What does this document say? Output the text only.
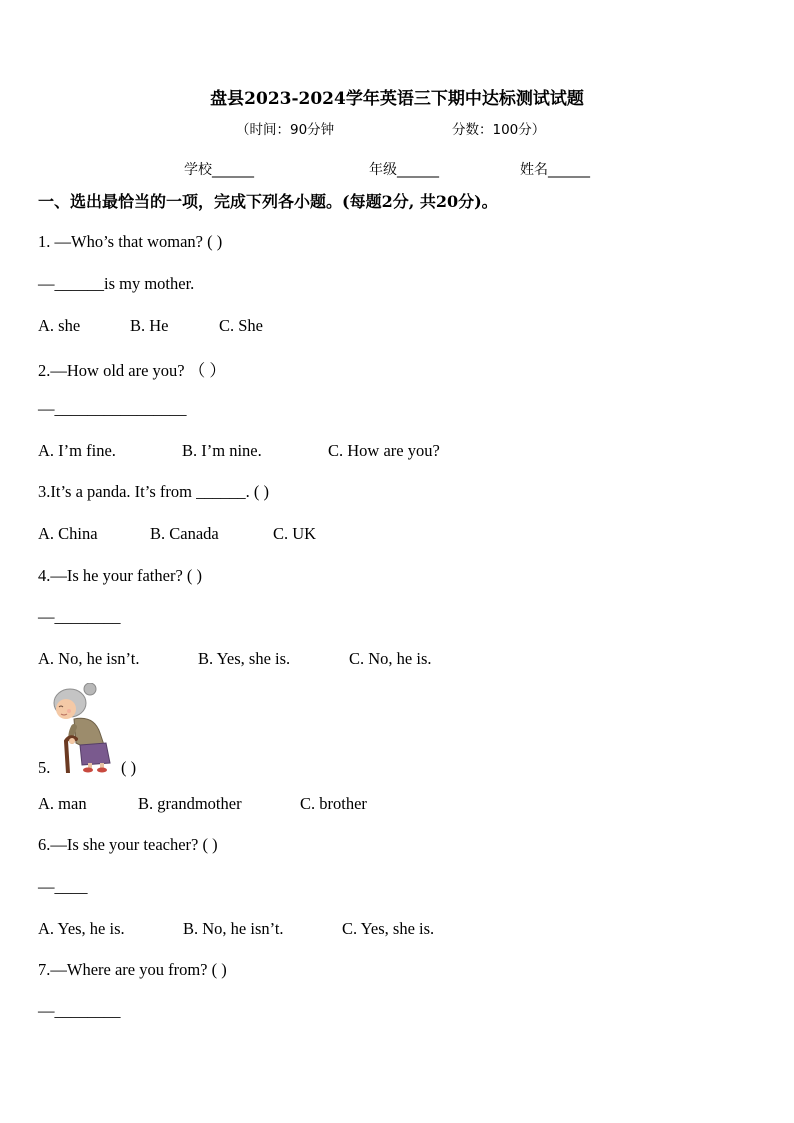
盘县2023-2024学年英语三下期中达标测试试题
（时间：90分钟	分数：100分）
学校______	年级______	姓名______
一、选出最恰当的一项，完成下列各小题。(每题2分, 共20分)。
1. —Who’s that woman? ( )
—______is my mother.
A. she	B. He	C. She
2.—How old are you? （ ）
—________________
A. I’m fine.	B. I’m nine.	C. How are you?
3.It’s a panda. It’s from ______. ( )
A. China	B. Canada	C. UK
4.—Is he your father? ( )
—________
A. No, he isn’t.	B. Yes, she is.	C. No, he is.
5.	( )
A. man	B. grandmother	C. brother
6.—Is she your teacher? ( )
—____
A. Yes, he is.	B. No, he isn’t.	C. Yes, she is.
7.—Where are you from? ( )
—________
